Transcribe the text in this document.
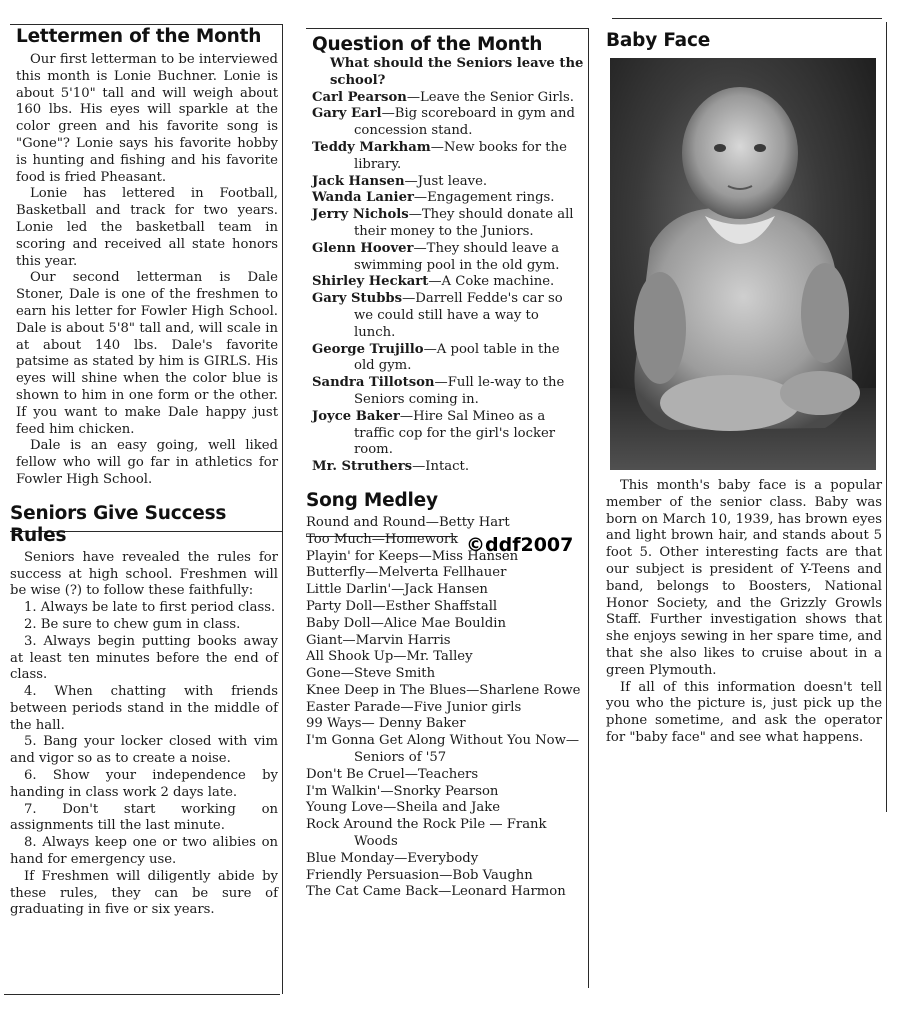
©ddf2007
Lettermen of the Month

Our first letterman to be interviewed this month is Lonie Buchner. Lonie is about 5'10" tall and will weigh about 160 lbs. His eyes will sparkle at the color green and his favorite song is "Gone"? Lonie says his favorite hobby is hunting and fishing and his favorite food is fried Pheasant.

Lonie has lettered in Football, Basketball and track for two years. Lonie led the basketball team in scoring and received all state honors this year.

Our second letterman is Dale Stoner, Dale is one of the freshmen to earn his letter for Fowler High School. Dale is about 5'8" tall and, will scale in at about 140 lbs. Dale's favorite patsime as stated by him is GIRLS. His eyes will shine when the color blue is shown to him in one form or the other. If you want to make Dale happy just feed him chicken.

Dale is an easy going, well liked fellow who will go far in athletics for Fowler High School.

Seniors Give Success Rules

Seniors have revealed the rules for success at high school. Freshmen will be wise (?) to follow these faithfully:

1. Always be late to first period class.

2. Be sure to chew gum in class.

3. Always begin putting books away at least ten minutes before the end of class.

4. When chatting with friends between periods stand in the middle of the hall.

5. Bang your locker closed with vim and vigor so as to create a noise.

6. Show your independence by handing in class work 2 days late.

7. Don't start working on assignments till the last minute.

8. Always keep one or two alibies on hand for emergency use.

If Freshmen will diligently abide by these rules, they can be sure of graduating in five or six years.

Question of the Month

What should the Seniors leave the school?

Carl Pearson—Leave the Senior Girls.

Gary Earl—Big scoreboard in gym and concession stand.

Teddy Markham—New books for the library.

Jack Hansen—Just leave.

Wanda Lanier—Engagement rings.

Jerry Nichols—They should donate all their money to the Juniors.

Glenn Hoover—They should leave a swimming pool in the old gym.

Shirley Heckart—A Coke machine.

Gary Stubbs—Darrell Fedde's car so we could still have a way to lunch.

George Trujillo—A pool table in the old gym.

Sandra Tillotson—Full le-way to the Seniors coming in.

Joyce Baker—Hire Sal Mineo as a traffic cop for the girl's locker room.

Mr. Struthers—Intact.

Song Medley

Round and Round—Betty Hart

Too Much—Homework

Playin' for Keeps—Miss Hansen

Butterfly—Melverta Fellhauer

Little Darlin'—Jack Hansen

Party Doll—Esther Shaffstall

Baby Doll—Alice Mae Bouldin

Giant—Marvin Harris

All Shook Up—Mr. Talley

Gone—Steve Smith

Knee Deep in The Blues—Sharlene Rowe

Easter Parade—Five Junior girls

99 Ways— Denny Baker

I'm Gonna Get Along Without You Now—Seniors of '57

Don't Be Cruel—Teachers

I'm Walkin'—Snorky Pearson

Young Love—Sheila and Jake

Rock Around the Rock Pile — Frank Woods

Blue Monday—Everybody

Friendly Persuasion—Bob Vaughn

The Cat Came Back—Leonard Harmon

Baby Face

This month's baby face is a popular member of the senior class. Baby was born on March 10, 1939, has brown eyes and light brown hair, and stands about 5 foot 5. Other interesting facts are that our subject is president of Y-Teens and band, belongs to Boosters, National Honor Society, and the Grizzly Growls Staff. Further investigation shows that she enjoys sewing in her spare time, and that she also likes to cruise about in a green Plymouth.

If all of this information doesn't tell you who the picture is, just pick up the phone sometime, and ask the operator for "baby face" and see what happens.
